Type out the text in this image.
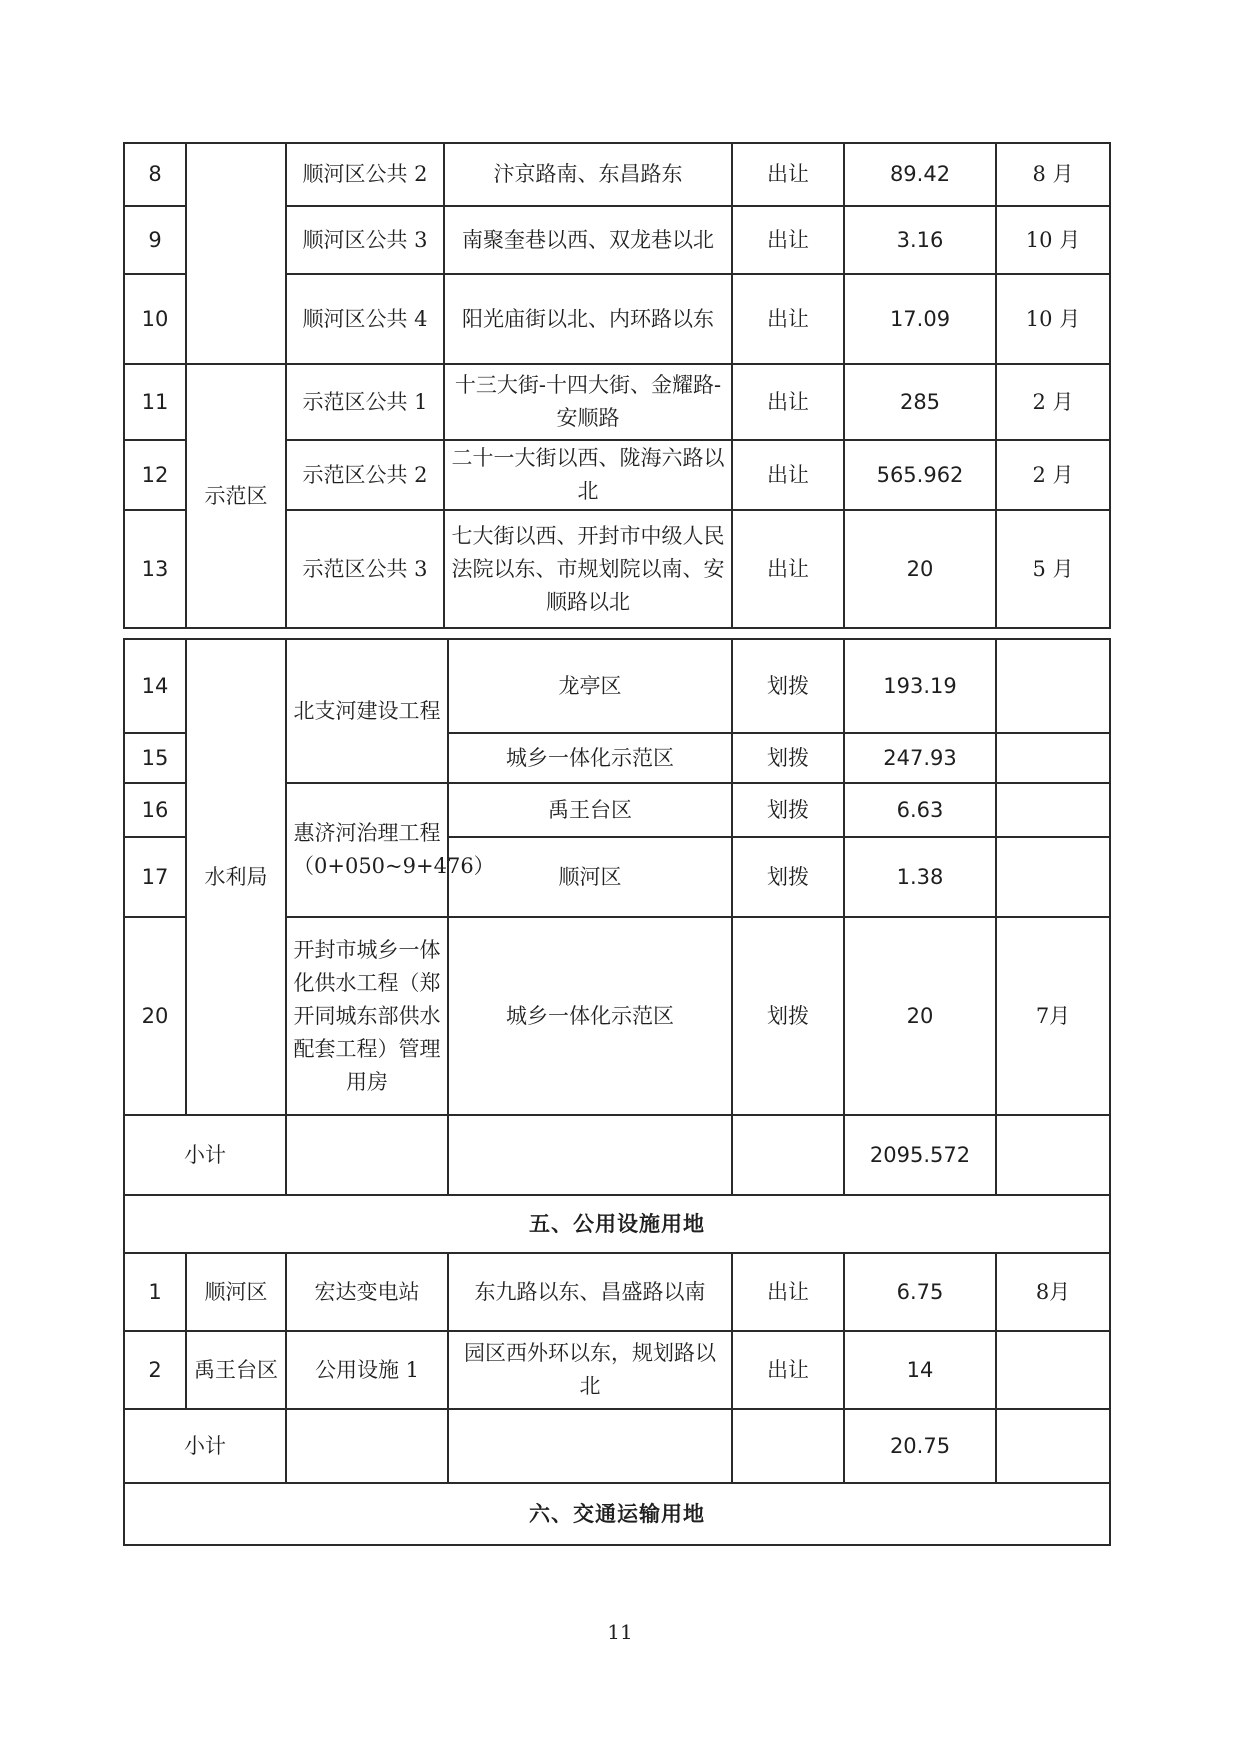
8		顺河区公共 2	汴京路南、东昌路东	出让	89.42	8 月
9		顺河区公共 3	南聚奎巷以西、双龙巷以北	出让	3.16	10 月
10		顺河区公共 4	阳光庙街以北、内环路以东	出让	17.09	10 月
11	示范区	示范区公共 1	十三大街-十四大街、金耀路-安顺路	出让	285	2 月
12		示范区公共 2	二十一大街以西、陇海六路以北	出让	565.962	2 月
13		示范区公共 3	七大街以西、开封市中级人民法院以东、市规划院以南、安顺路以北	出让	20	5 月
14	水利局	北支河建设工程	龙亭区	划拨	193.19	
15			城乡一体化示范区	划拨	247.93	
16		惠济河治理工程（0+050~9+476）	禹王台区	划拨	6.63	
17			顺河区	划拨	1.38	
20		开封市城乡一体化供水工程（郑开同城东部供水配套工程）管理用房	城乡一体化示范区	划拨	20	7月
小计					2095.572	
五、公用设施用地						
1	顺河区	宏达变电站	东九路以东、昌盛路以南	出让	6.75	8月
2	禹王台区	公用设施 1	园区西外环以东，规划路以北	出让	14	
小计					20.75	
六、交通运输用地						
11
